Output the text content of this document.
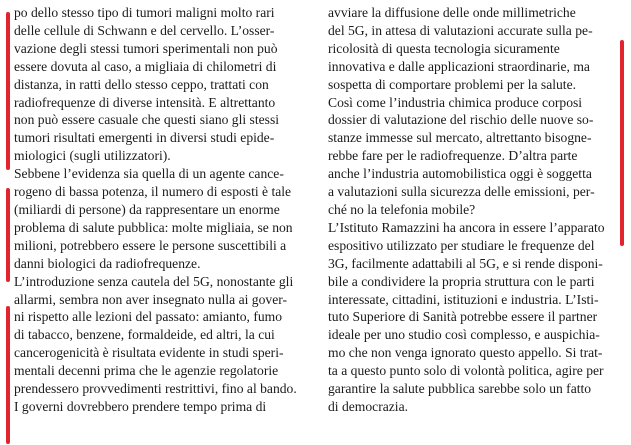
po dello stesso tipo di tumori maligni molto rari
delle cellule di Schwann e del cervello. L’osser-
vazione degli stessi tumori sperimentali non può
essere dovuta al caso, a migliaia di chilometri di
distanza, in ratti dello stesso ceppo, trattati con
radiofrequenze di diverse intensità. E altrettanto
non può essere casuale che questi siano gli stessi
tumori risultati emergenti in diversi studi epide-
miologici (sugli utilizzatori).
Sebbene l’evidenza sia quella di un agente cance-
rogeno di bassa potenza, il numero di esposti è tale
(miliardi di persone) da rappresentare un enorme
problema di salute pubblica: molte migliaia, se non
milioni, potrebbero essere le persone suscettibili a
danni biologici da radiofrequenze.
L’introduzione senza cautela del 5G, nonostante gli
allarmi, sembra non aver insegnato nulla ai gover-
ni rispetto alle lezioni del passato: amianto, fumo
di tabacco, benzene, formaldeide, ed altri, la cui
cancerogenicità è risultata evidente in studi speri-
mentali decenni prima che le agenzie regolatorie
prendessero provvedimenti restrittivi, fino al bando.
I governi dovrebbero prendere tempo prima di
avviare la diffusione delle onde millimetriche
del 5G, in attesa di valutazioni accurate sulla pe-
ricolosità di questa tecnologia sicuramente
innovativa e dalle applicazioni straordinarie, ma
sospetta di comportare problemi per la salute.
Così come l’industria chimica produce corposi
dossier di valutazione del rischio delle nuove so-
stanze immesse sul mercato, altrettanto bisogne-
rebbe fare per le radiofrequenze. D’altra parte
anche l’industria automobilistica oggi è soggetta
a valutazioni sulla sicurezza delle emissioni, per-
ché no la telefonia mobile?
L’Istituto Ramazzini ha ancora in essere l’apparato
espositivo utilizzato per studiare le frequenze del
3G, facilmente adattabili al 5G, e si rende disponi-
bile a condividere la propria struttura con le parti
interessate, cittadini, istituzioni e industria. L’Isti-
tuto Superiore di Sanità potrebbe essere il partner
ideale per uno studio così complesso, e auspichia-
mo che non venga ignorato questo appello. Si trat-
ta a questo punto solo di volontà politica, agire per
garantire la salute pubblica sarebbe solo un fatto
di democrazia.
